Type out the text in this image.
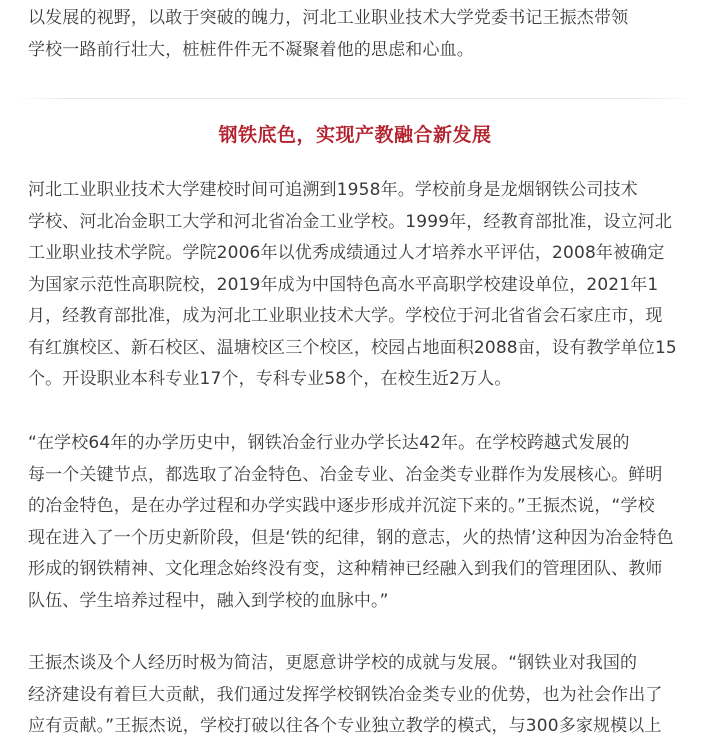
以发展的视野，以敢于突破的魄力，河北工业职业技术大学党委书记王振杰带领
学校一路前行壮大，桩桩件件无不凝聚着他的思虑和心血。

钢铁底色，实现产教融合新发展

河北工业职业技术大学建校时间可追溯到1958年。学校前身是龙烟钢铁公司技术
学校、河北冶金职工大学和河北省冶金工业学校。1999年，经教育部批准，设立河北
工业职业技术学院。学院2006年以优秀成绩通过人才培养水平评估，2008年被确定
为国家示范性高职院校，2019年成为中国特色高水平高职学校建设单位，2021年1
月，经教育部批准，成为河北工业职业技术大学。学校位于河北省省会石家庄市，现
有红旗校区、新石校区、温塘校区三个校区，校园占地面积2088亩，设有教学单位15
个。开设职业本科专业17个，专科专业58个，在校生近2万人。

“在学校64年的办学历史中，钢铁冶金行业办学长达42年。在学校跨越式发展的
每一个关键节点，都选取了冶金特色、冶金专业、冶金类专业群作为发展核心。鲜明
的冶金特色，是在办学过程和办学实践中逐步形成并沉淀下来的。”王振杰说，“学校
现在进入了一个历史新阶段，但是‘铁的纪律，钢的意志，火的热情’这种因为冶金特色
形成的钢铁精神、文化理念始终没有变，这种精神已经融入到我们的管理团队、教师
队伍、学生培养过程中，融入到学校的血脉中。”

王振杰谈及个人经历时极为简洁，更愿意讲学校的成就与发展。“钢铁业对我国的
经济建设有着巨大贡献，我们通过发挥学校钢铁冶金类专业的优势，也为社会作出了
应有贡献。”王振杰说，学校打破以往各个专业独立教学的模式，与300多家规模以上
